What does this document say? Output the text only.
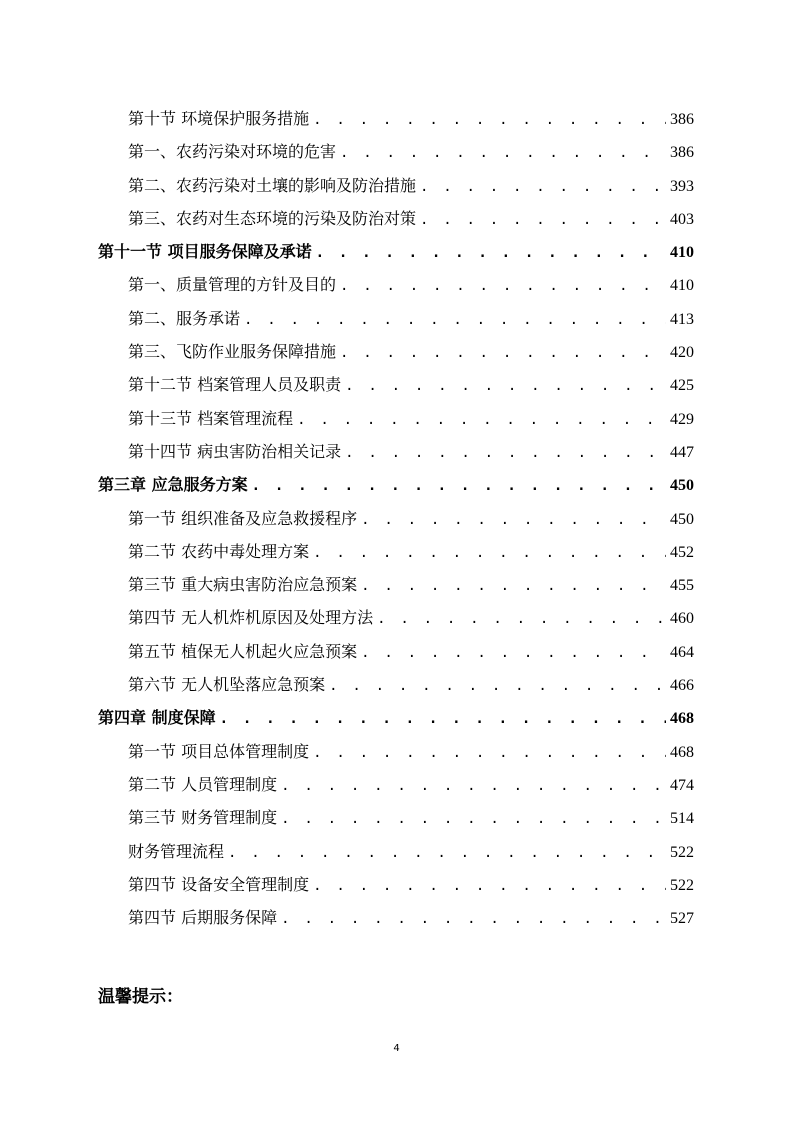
第十节 环境保护服务措施 . . .	386
第一、农药污染对环境的危害 . . .	386
第二、农药污染对土壤的影响及防治措施 . . .	393
第三、农药对生态环境的污染及防治对策 . . .	403
第十一节 项目服务保障及承诺 . . .	410
第一、质量管理的方针及目的 . . .	410
第二、服务承诺 . . .	413
第三、飞防作业服务保障措施 . . .	420
第十二节 档案管理人员及职责 . . .	425
第十三节 档案管理流程 . . .	429
第十四节 病虫害防治相关记录 . . .	447
第三章 应急服务方案 . . .	450
第一节 组织准备及应急救援程序 . . .	450
第二节 农药中毒处理方案 . . .	452
第三节 重大病虫害防治应急预案 . . .	455
第四节 无人机炸机原因及处理方法 . . .	460
第五节 植保无人机起火应急预案 . . .	464
第六节 无人机坠落应急预案 . . .	466
第四章 制度保障 . . .	468
第一节 项目总体管理制度 . . .	468
第二节 人员管理制度 . . .	474
第三节 财务管理制度 . . .	514
财务管理流程 . . .	522
第四节 设备安全管理制度 . . .	522
第四节 后期服务保障 . . .	527
温馨提示：
4
